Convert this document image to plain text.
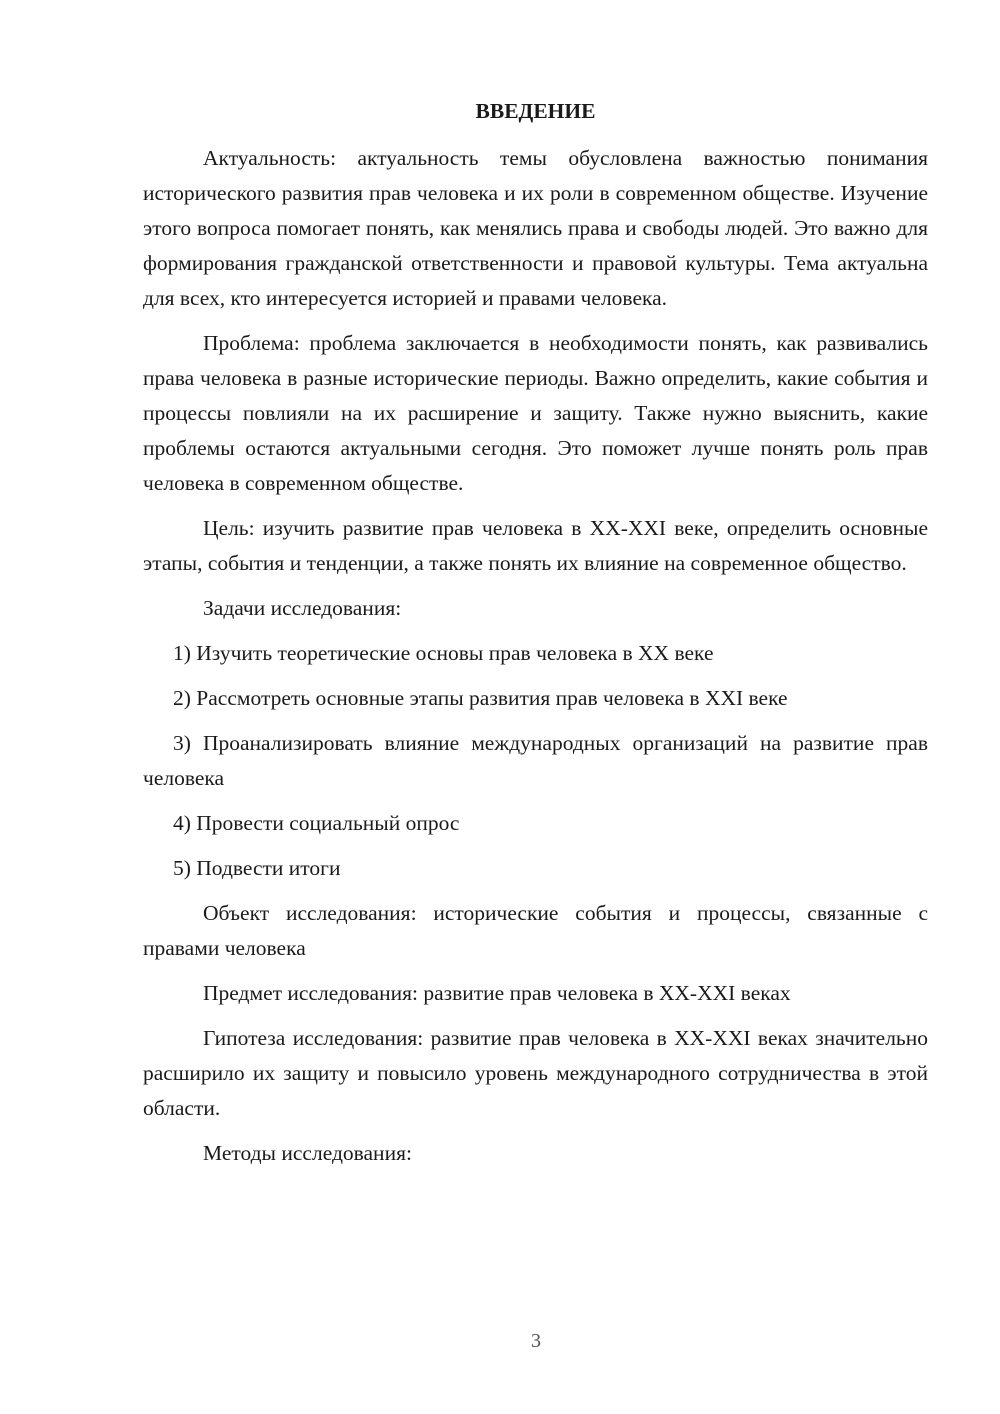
ВВЕДЕНИЕ

Актуальность: актуальность темы обусловлена важностью понимания исторического развития прав человека и их роли в современном обществе. Изучение этого вопроса помогает понять, как менялись права и свободы людей. Это важно для формирования гражданской ответственности и правовой культуры. Тема актуальна для всех, кто интересуется историей и правами человека.

Проблема: проблема заключается в необходимости понять, как развивались права человека в разные исторические периоды. Важно определить, какие события и процессы повлияли на их расширение и защиту. Также нужно выяснить, какие проблемы остаются актуальными сегодня. Это поможет лучше понять роль прав человека в современном обществе.

Цель: изучить развитие прав человека в XX-XXI веке, определить основные этапы, события и тенденции, а также понять их влияние на современное общество.

Задачи исследования:

1) Изучить теоретические основы прав человека в XX веке

2) Рассмотреть основные этапы развития прав человека в XXI веке

3) Проанализировать влияние международных организаций на развитие прав человека

4) Провести социальный опрос

5) Подвести итоги

Объект исследования: исторические события и процессы, связанные с правами человека

Предмет исследования: развитие прав человека в XX-XXI веках

Гипотеза исследования: развитие прав человека в XX-XXI веках значительно расширило их защиту и повысило уровень международного сотрудничества в этой области.

Методы исследования:

3
